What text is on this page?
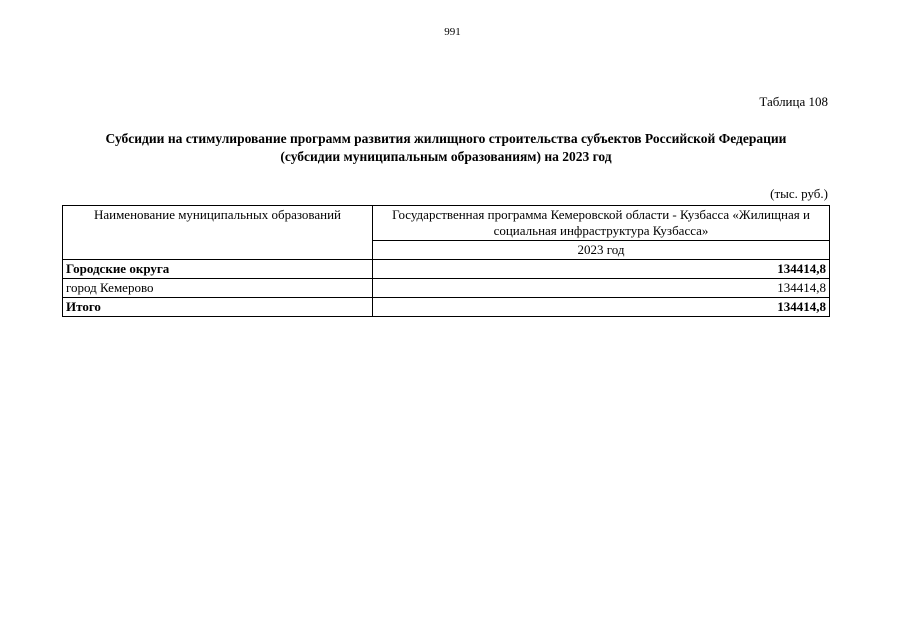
991
Таблица 108
Субсидии на стимулирование программ развития жилищного строительства субъектов Российской Федерации
(субсидии муниципальным образованиям) на 2023 год
(тыс. руб.)
Наименование муниципальных образований	Государственная программа Кемеровской области - Кузбасса «Жилищная и социальная инфраструктура Кузбасса»
	2023 год
Городские округа	134414,8
город Кемерово	134414,8
Итого	134414,8
